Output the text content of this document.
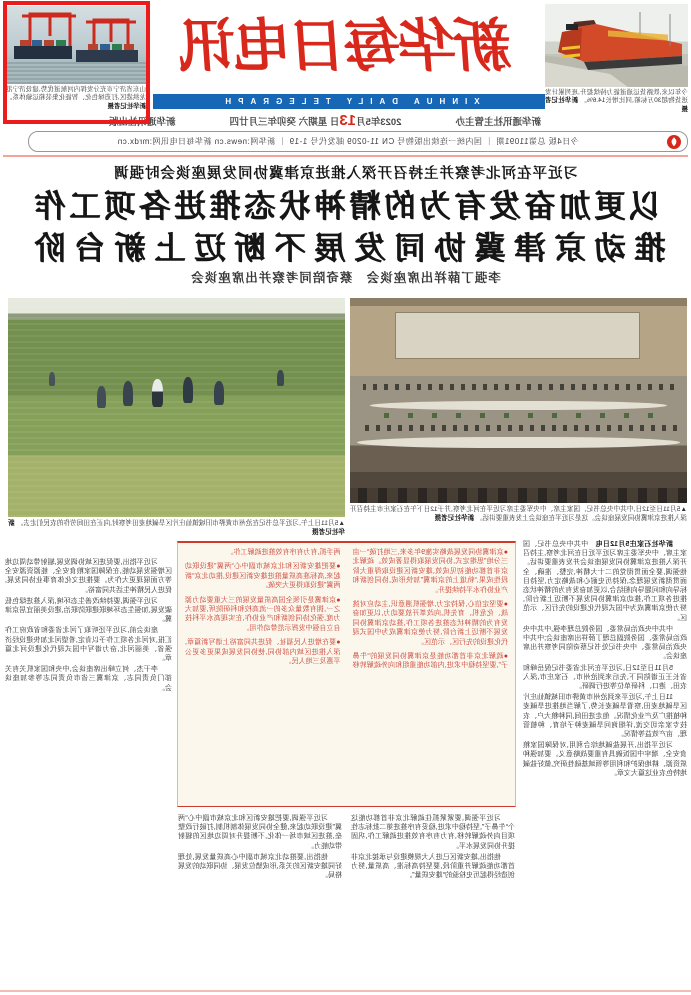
新华每日电讯
XINHUA DAILY TELEGRAPH
新华通讯社主管主办
2023年5月13日 星期六 癸卯年三月廿四
新华通讯社出版
今日4版 总第11091期 ｜ 国内统一连续出版物号 CN 11-0209 邮发代号 1-19 ｜ 新华网:news.cn 新华每日电讯网:mrdx.cn
今年以来,铁路货运通道能力持续提升,班列累计发送货物超30万标箱,同比增长14.6%。 新华社记者摄
山东省济宁市充分发挥内河航道优势,建设济宁港龙拱港区,打造绿色化、智能化集装箱运输体系。 新华社记者摄
习近平在河北考察并主持召开深入推进京津冀协同发展座谈会时强调
以更加奋发有为的精神状态推进各项工作
推动京津冀协同发展不断迈上新台阶
李强丁薛祥出席座谈会　蔡奇陪同考察并出席座谈会
▲5月11日至12日,中共中央总书记、国家主席、中央军委主席习近平在河北考察,并于12日下午在石家庄市主持召开深入推进京津冀协同发展座谈会。这是习近平在座谈会上发表重要讲话。 新华社记者摄
▲5月11日上午,习近平总书记在沧州市黄骅市旧城镇仙庄片区旱碱地麦田考察时,向正在田间劳作的农民们走去。 新华社记者摄

新华社石家庄5月12日电　中共中央总书记、国家主席、中央军委主席习近平近日在河北考察,主持召开深入推进京津冀协同发展座谈会并发表重要讲话。他强调,要全面贯彻党的二十大精神,完整、准确、全面贯彻新发展理念,保持历史耐心和战略定力,坚持目标导向和问题导向相结合,以更加奋发有为的精神状态推进各项工作,推动京津冀协同发展不断迈上新台阶,努力使京津冀成为中国式现代化建设的先行区、示范区。

中共中央政治局常委、国务院总理李强,中共中央政治局常委、国务院副总理丁薛祥出席座谈会;中共中央政治局常委、中央书记处书记蔡奇陪同考察并出席座谈会。

5月11日至12日,习近平在河北省委书记倪岳峰和省长王正谱陪同下,先后来到沧州市、石家庄市,深入农田、港口、科研单位等进行调研。

11日上午,习近平来到沧州市黄骅市旧城镇仙庄片区旱碱地麦田,察看旱碱麦长势,了解当地推进旱碱麦种植推广及产业化情况。他走进田间,同种粮大户、农技专家亲切交流,详细询问旱碱麦种子培育、种植管理、亩产效益等情况。

习近平指出,开展盐碱地综合利用,对保障国家粮食安全、端牢中国饭碗具有重要战略意义。要加强种质资源、耕地保护和利用等领域基础性研究,做好盐碱地特色农业这篇大文章。

●京津冀协同发展战略实施9年多来,三地打破“一亩三分地”思维定式,协同发展取得显著成效。疏解北京非首都功能初见成效,雄安新区建设取得重大阶段性成果,“轨道上的京津冀”加快形成,协同创新和产业协作水平持续提升。

●要坚定信心,保持定力,增强机遇意识,主动应对挑战、化危机、育先机,向改革开放要动力,以更加奋发有为的精神状态推进各项工作,推动京津冀协同发展不断迈上新台阶,努力使京津冀成为中国式现代化建设的先行区、示范区。

●疏解北京非首都功能是京津冀协同发展的“牛鼻子”,要坚持稳中求进,内部功能重组和向外疏解转移两手抓,有力有序有效推进疏解工作。

●要把雄安新区和北京城市副中心“两翼”建设联动起来,高标准高质量推进雄安新区建设,推动北京“新两翼”建设取得更大突破。

●京津冀是引领全国高质量发展的三大重要动力源之一,拥有数量众多的一流高校和科研院所,要加大力度,强化协同创新和产业协作,在实现高水平科技自立自强中发挥示范带动作用。

●要在增进人民福祉、促进共同富裕上谱写新篇章,深入推进区域内部协同,使协同发展成果更多更公平惠及三地人民。

习近平强调,要紧紧抓住疏解北京非首都功能这个“牛鼻子”,坚持稳中求进,稳妥有序推进第二批标志性项目向外疏解转移,有力有序有效推进疏解工作,巩固提升协同发展水平。

他指出,雄安新区已进入大规模建设与承接北京非首都功能疏解并重阶段,要坚持高标准、高质量,努力创造经得起历史检验的“雄安质量”。

习近平强调,要把雄安新区和北京城市副中心“两翼”建设联动起来,健全协同发展体制机制,打破行政壁垒,推进区域市场一体化,不断提升对周边地区的辐射带动能力。

他指出,要推动北京城市副中心高质量发展,处理好同雄安新区的关系,形成错位发展、协同联动的发展格局。

习近平指出,要促进区域协调发展,辐射带动周边地区增强发展动能,在保障国家粮食安全、能源资源安全等方面展现更大作为。要推进文化体育事业协同发展,促进人民精神生活共同富裕。

习近平强调,要持续改善生态环境,深入推进绿色低碳发展,加强生态环境联建联防联治,建设美丽宜居京津冀。

座谈会前,习近平还听取了河北省委和省政府工作汇报,对河北各项工作予以肯定,希望河北加快建设经济强省、美丽河北,奋力谱写中国式现代化建设河北篇章。

李干杰、何立峰出席座谈会,中央和国家机关有关部门负责同志、京津冀三省市负责同志等参加座谈会。
